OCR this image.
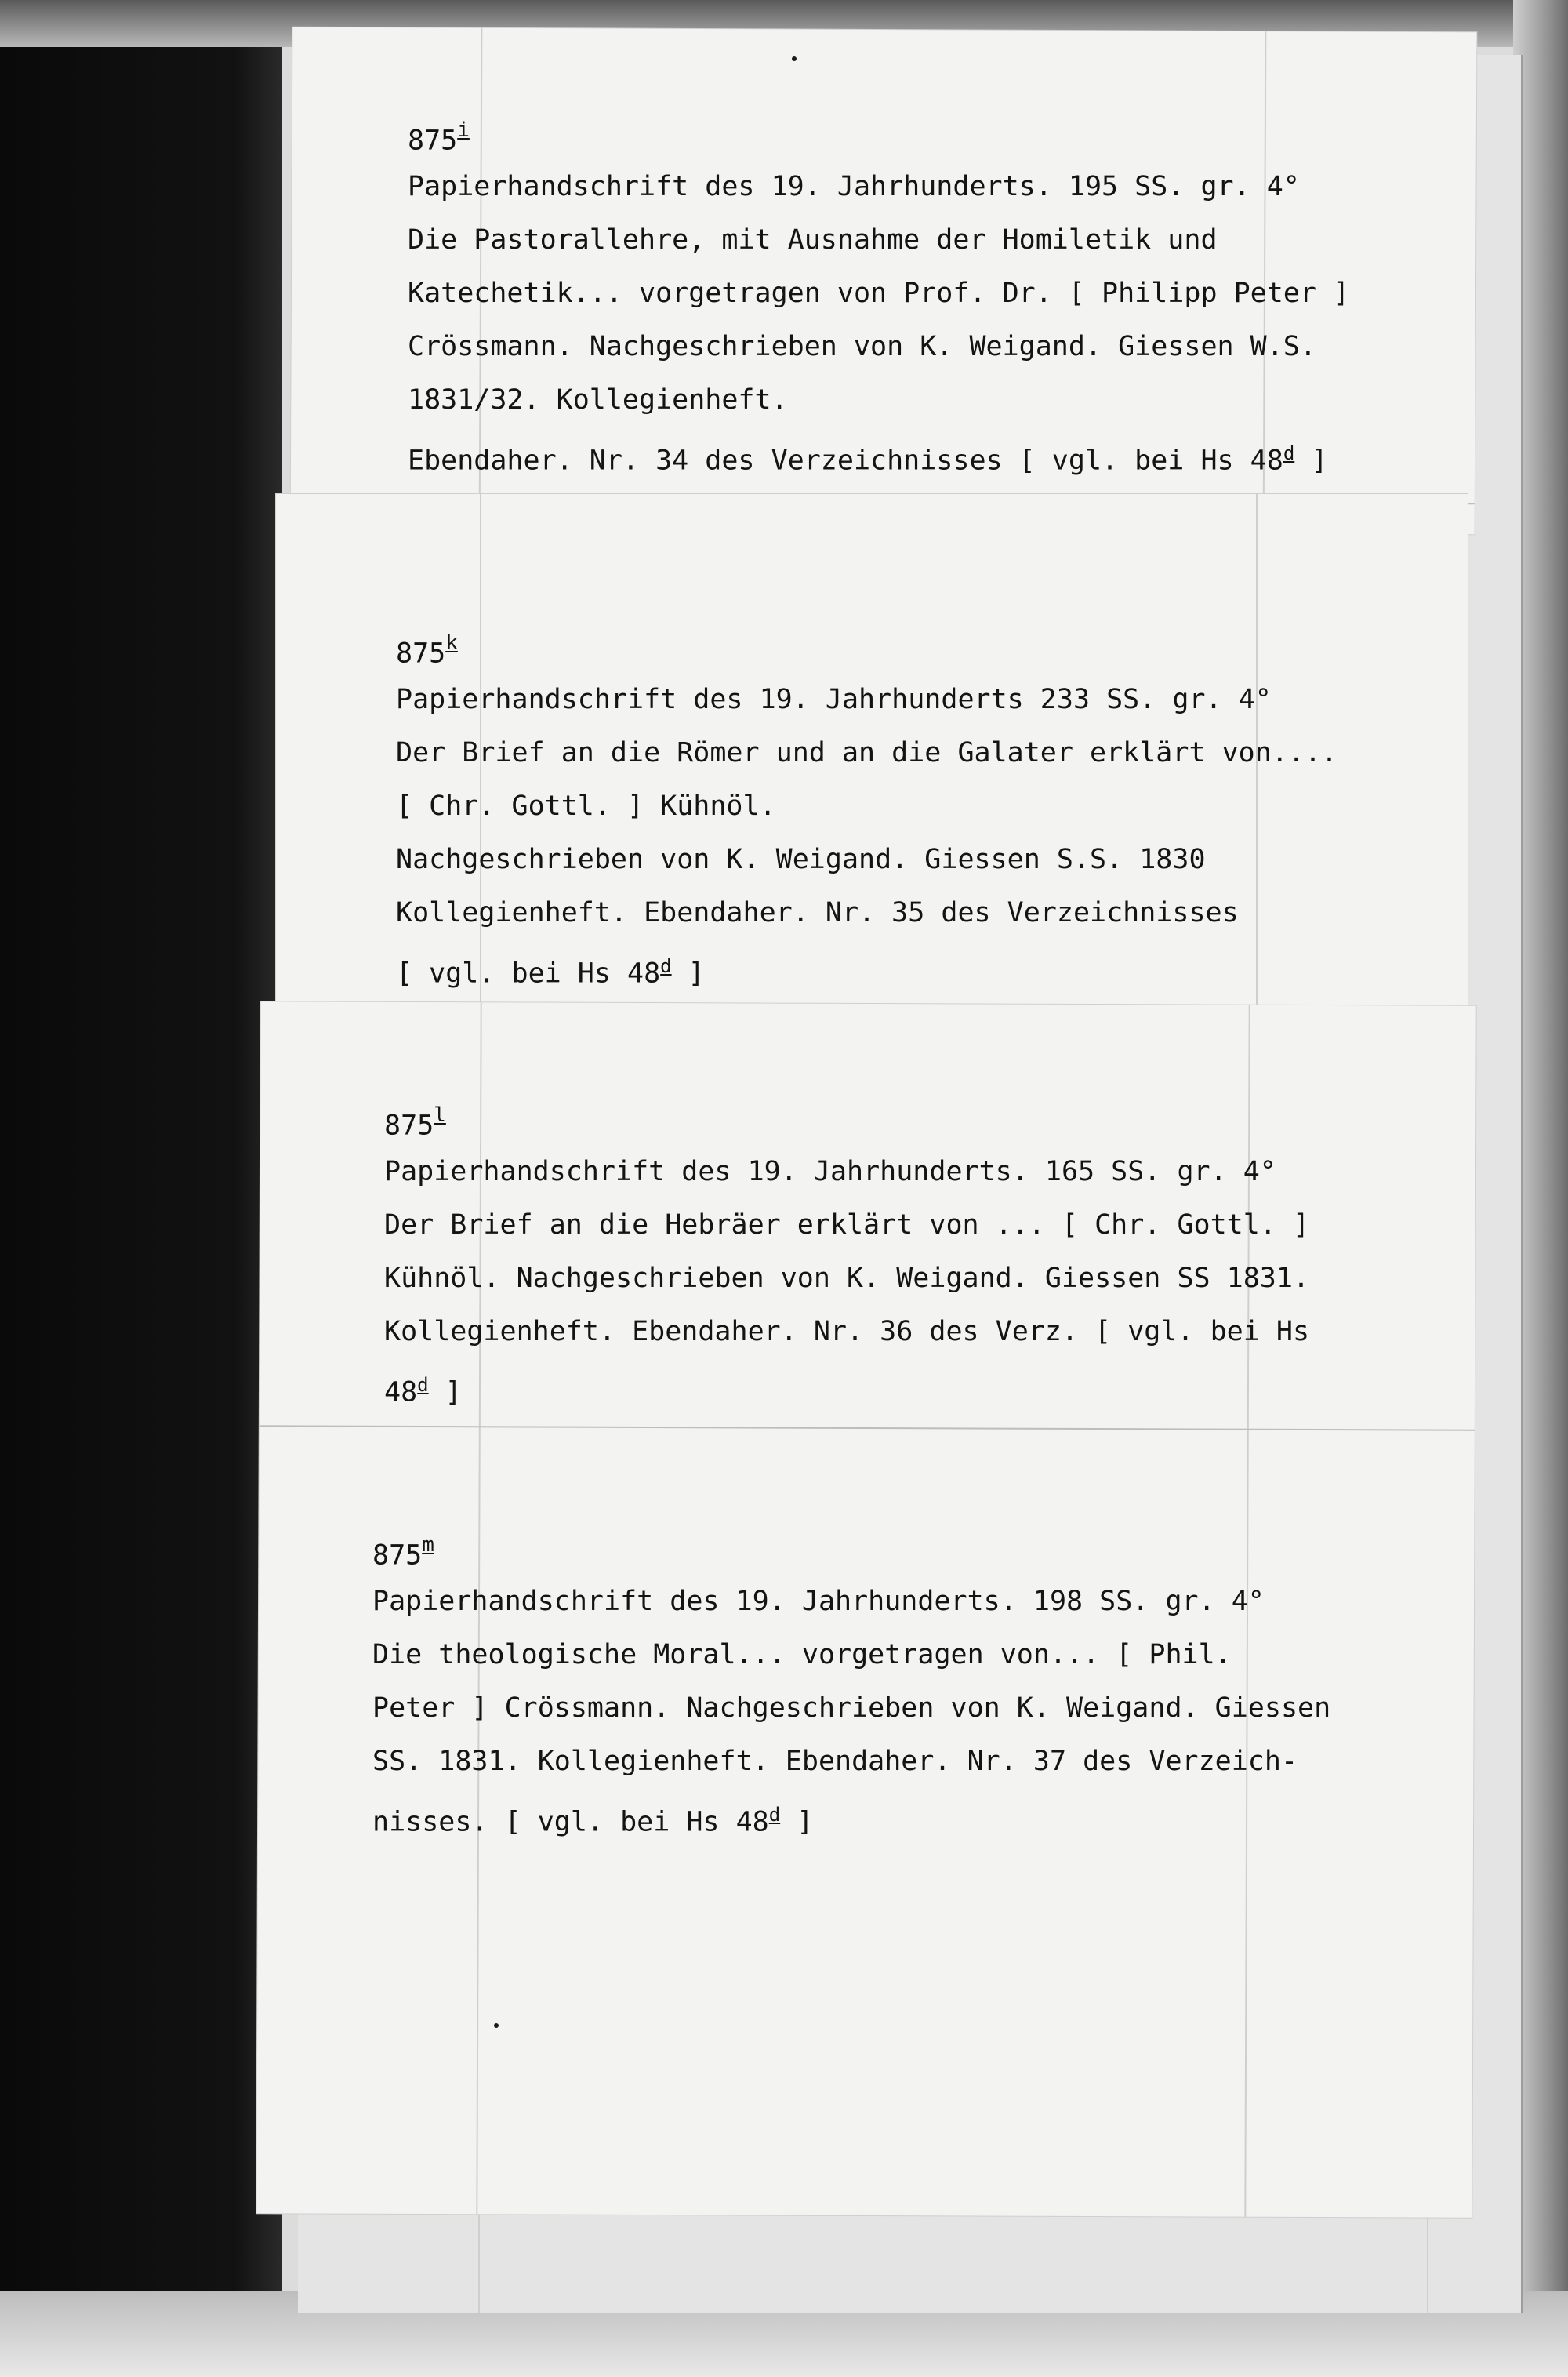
875$^i$
Papierhandschrift des 19. Jahrhunderts. 195 SS. gr. 4°
Die Pastorallehre, mit Ausnahme der Homiletik und
Katechetik... vorgetragen von Prof. Dr. [ Philipp Peter ]
Crössmann. Nachgeschrieben von K. Weigand. Giessen W.S.
1831/32. Kollegienheft.
Ebendaher. Nr. 34 des Verzeichnisses [ vgl. bei Hs 48$^d$ ]
875$^k$
Papierhandschrift des 19. Jahrhunderts 233 SS. gr. 4°
Der Brief an die Römer und an die Galater erklärt von....
[ Chr. Gottl. ] Kühnöl.
Nachgeschrieben von K. Weigand. Giessen S.S. 1830
Kollegienheft. Ebendaher. Nr. 35 des Verzeichnisses
[ vgl. bei Hs 48$^d$ ]
875$^l$
Papierhandschrift des 19. Jahrhunderts. 165 SS. gr. 4°
Der Brief an die Hebräer erklärt von ... [ Chr. Gottl. ]
Kühnöl. Nachgeschrieben von K. Weigand. Giessen SS 1831.
Kollegienheft. Ebendaher. Nr. 36 des Verz. [ vgl. bei Hs
48$^d$ ]
875$^m$
Papierhandschrift des 19. Jahrhunderts. 198 SS. gr. 4°
Die theologische Moral... vorgetragen von... [ Phil.
Peter ] Crössmann. Nachgeschrieben von K. Weigand. Giessen
SS. 1831. Kollegienheft. Ebendaher. Nr. 37 des Verzeich-
nisses. [ vgl. bei Hs 48$^d$ ]
